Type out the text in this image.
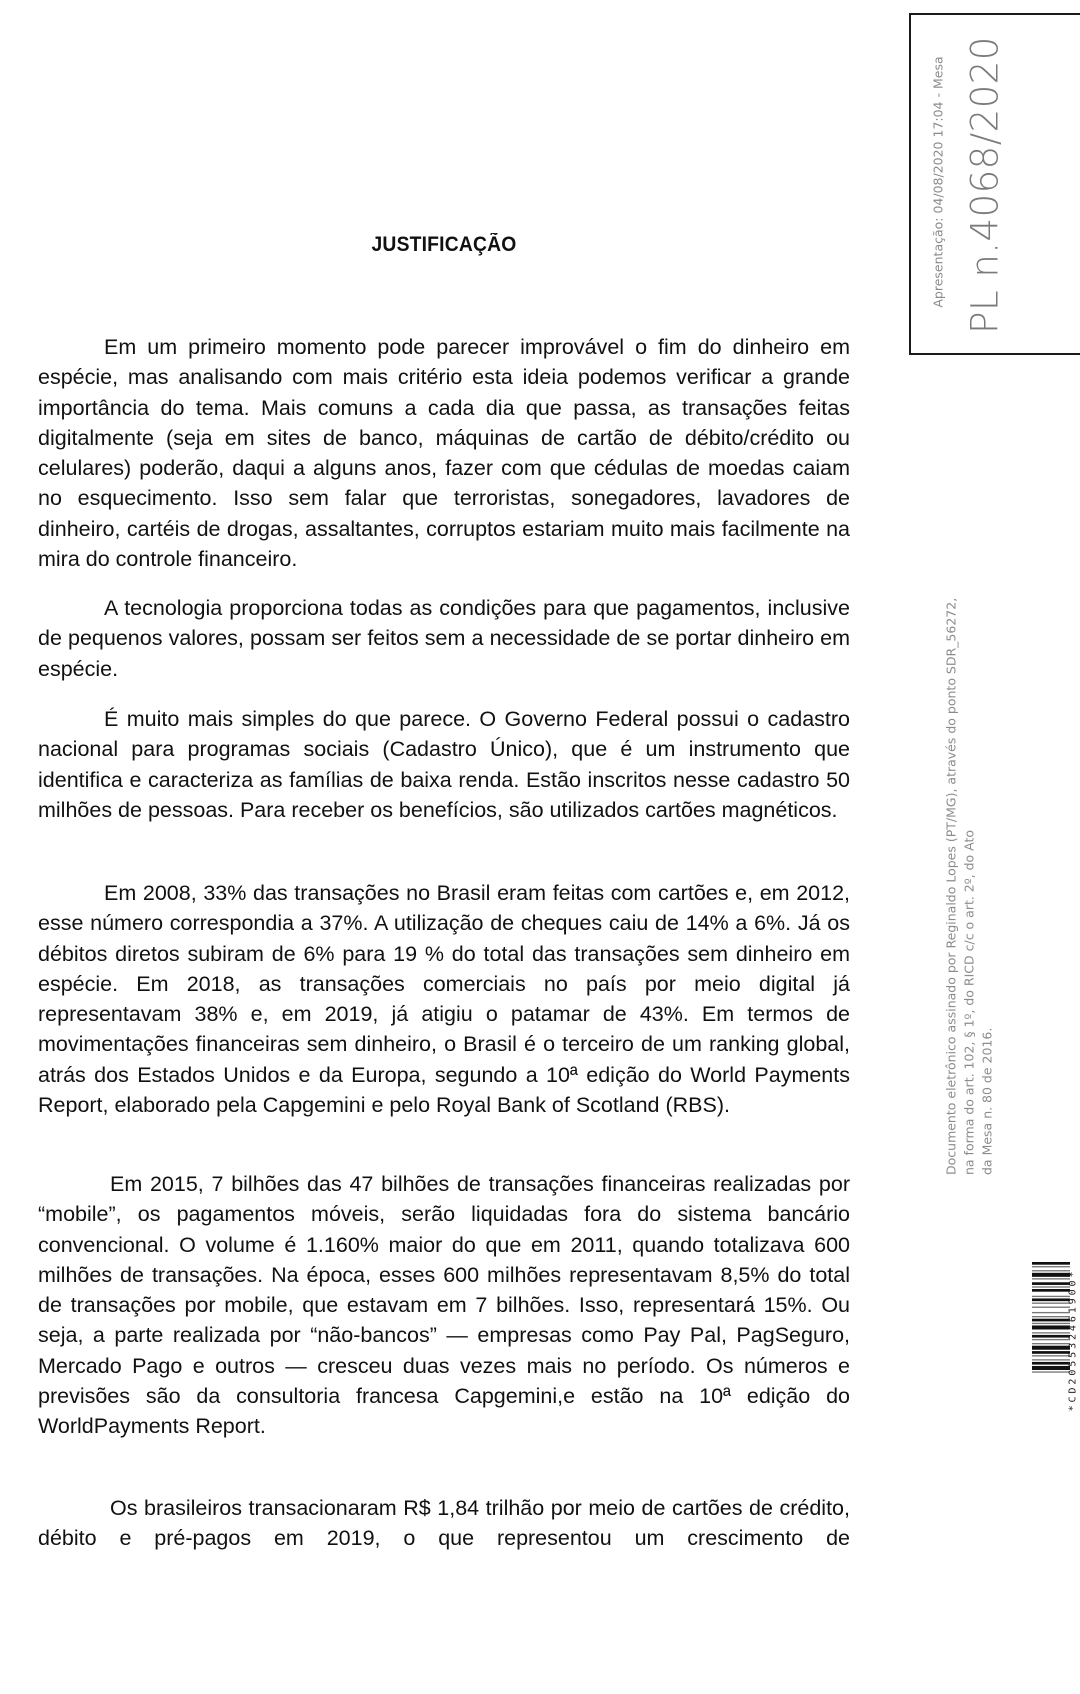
JUSTIFICAÇÃO

Em um primeiro momento pode parecer improvável o fim do dinheiro em espécie, mas analisando com mais critério esta ideia podemos verificar a grande importância do tema. Mais comuns a cada dia que passa, as transações feitas digitalmente (seja em sites de banco, máquinas de cartão de débito/crédito ou celulares) poderão, daqui a alguns anos, fazer com que cédulas de moedas caiam no esquecimento. Isso sem falar que terroristas, sonegadores, lavadores de dinheiro, cartéis de drogas, assaltantes, corruptos estariam muito mais facilmente na mira do controle financeiro.

A tecnologia proporciona todas as condições para que pagamentos, inclusive de pequenos valores, possam ser feitos sem a necessidade de se portar dinheiro em espécie.

É muito mais simples do que parece. O Governo Federal possui o cadastro nacional para programas sociais (Cadastro Único), que é um instrumento que identifica e caracteriza as famílias de baixa renda. Estão inscritos nesse cadastro 50 milhões de pessoas. Para receber os benefícios, são utilizados cartões magnéticos.

Em 2008, 33% das transações no Brasil eram feitas com cartões e, em 2012, esse número correspondia a 37%. A utilização de cheques caiu de 14% a 6%. Já os débitos diretos subiram de 6% para 19 % do total das transações sem dinheiro em espécie. Em 2018, as transações comerciais no país por meio digital já representavam 38% e, em 2019, já atigiu o patamar de 43%. Em termos de movimentações financeiras sem dinheiro, o Brasil é o terceiro de um ranking global, atrás dos Estados Unidos e da Europa, segundo a 10ª edição do World Payments Report, elaborado pela Capgemini e pelo Royal Bank of Scotland (RBS).

Em 2015, 7 bilhões das 47 bilhões de transações financeiras realizadas por “mobile”, os pagamentos móveis, serão liquidadas fora do sistema bancário convencional. O volume é 1.160% maior do que em 2011, quando totalizava 600 milhões de transações. Na época, esses 600 milhões representavam 8,5% do total de transações por mobile, que estavam em 7 bilhões. Isso, representará 15%. Ou seja, a parte realizada por “não-bancos” — empresas como Pay Pal, PagSeguro, Mercado Pago e outros — cresceu duas vezes mais no período. Os números e previsões são da consultoria francesa Capgemini,e estão na 10ª edição do WorldPayments Report.

Os brasileiros transacionaram R$ 1,84 trilhão por meio de cartões de crédito, débito e pré-pagos em 2019, o que representou um crescimento de

Apresentação: 04/08/2020 17:04 - Mesa PL n.4068/2020
Documento eletrônico assinado por Reginaldo Lopes (PT/MG), através do ponto SDR_56272, na forma do art. 102, § 1º, do RICD c/c o art. 2º, do Ato da Mesa n. 80 de 2016.
*CD205532461900*
